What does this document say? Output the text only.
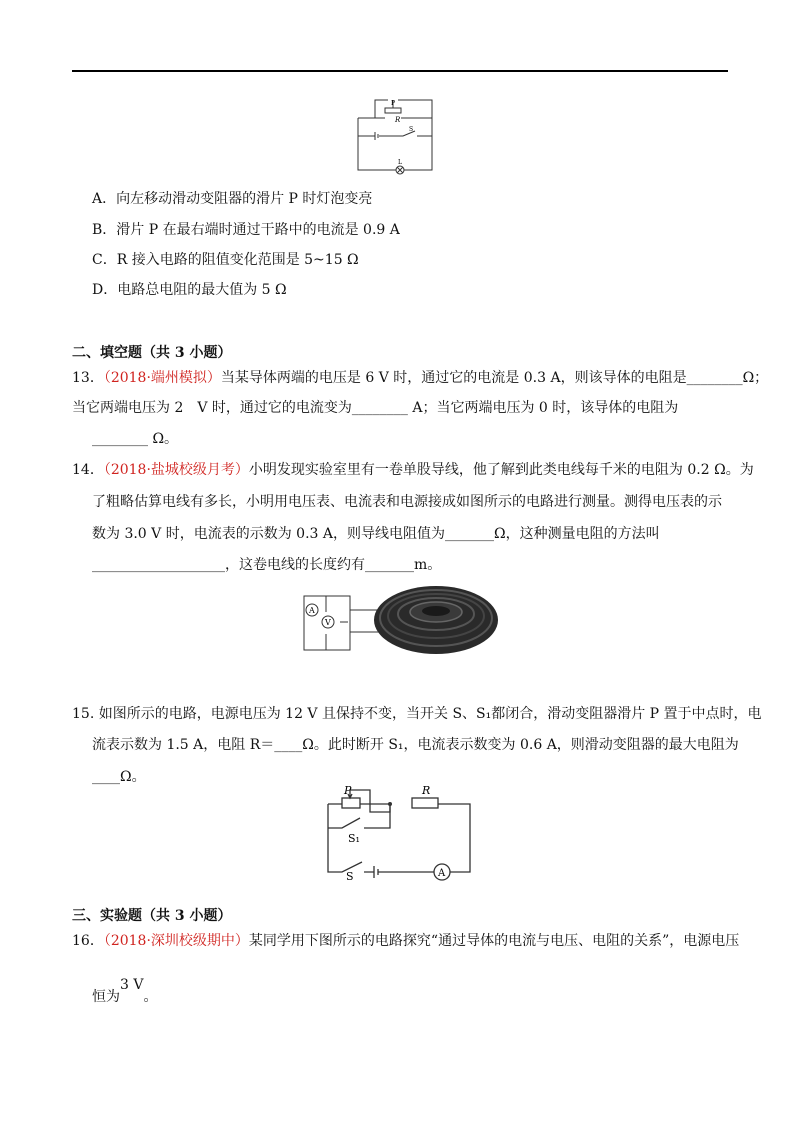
P
R
S
L
A．向左移动滑动变阻器的滑片 P 时灯泡变亮
B．滑片 P 在最右端时通过干路中的电流是 0.9 A
C．R 接入电路的阻值变化范围是 5~15 Ω
D．电路总电阻的最大值为 5 Ω
二、填空题（共 3 小题）
13．（2018·端州模拟）当某导体两端的电压是 6 V 时，通过它的电流是 0.3 A，则该导体的电阻是________Ω；
当它两端电压为 2　V 时，通过它的电流变为________ A；当它两端电压为 0 时，该导体的电阻为
________ Ω。
14．（2018·盐城校级月考）小明发现实验室里有一卷单股导线，他了解到此类电线每千米的电阻为 0.2 Ω。为
了粗略估算电线有多长，小明用电压表、电流表和电源接成如图所示的电路进行测量。测得电压表的示
数为 3.0 V 时，电流表的示数为 0.3 A，则导线电阻值为_______Ω，这种测量电阻的方法叫
___________________，这卷电线的长度约有_______m。
A
V
15. 如图所示的电路，电源电压为 12 V 且保持不变，当开关 S、S₁都闭合，滑动变阻器滑片 P 置于中点时，电
流表示数为 1.5 A，电阻 R＝____Ω。此时断开 S₁，电流表示数变为 0.6 A，则滑动变阻器的最大电阻为
____Ω。
P	R
S₁
S	A
三、实验题（共 3 小题）
16．（2018·深圳校级期中）某同学用下图所示的电路探究“通过导体的电流与电压、电阻的关系”，电源电压
恒为3 V。
